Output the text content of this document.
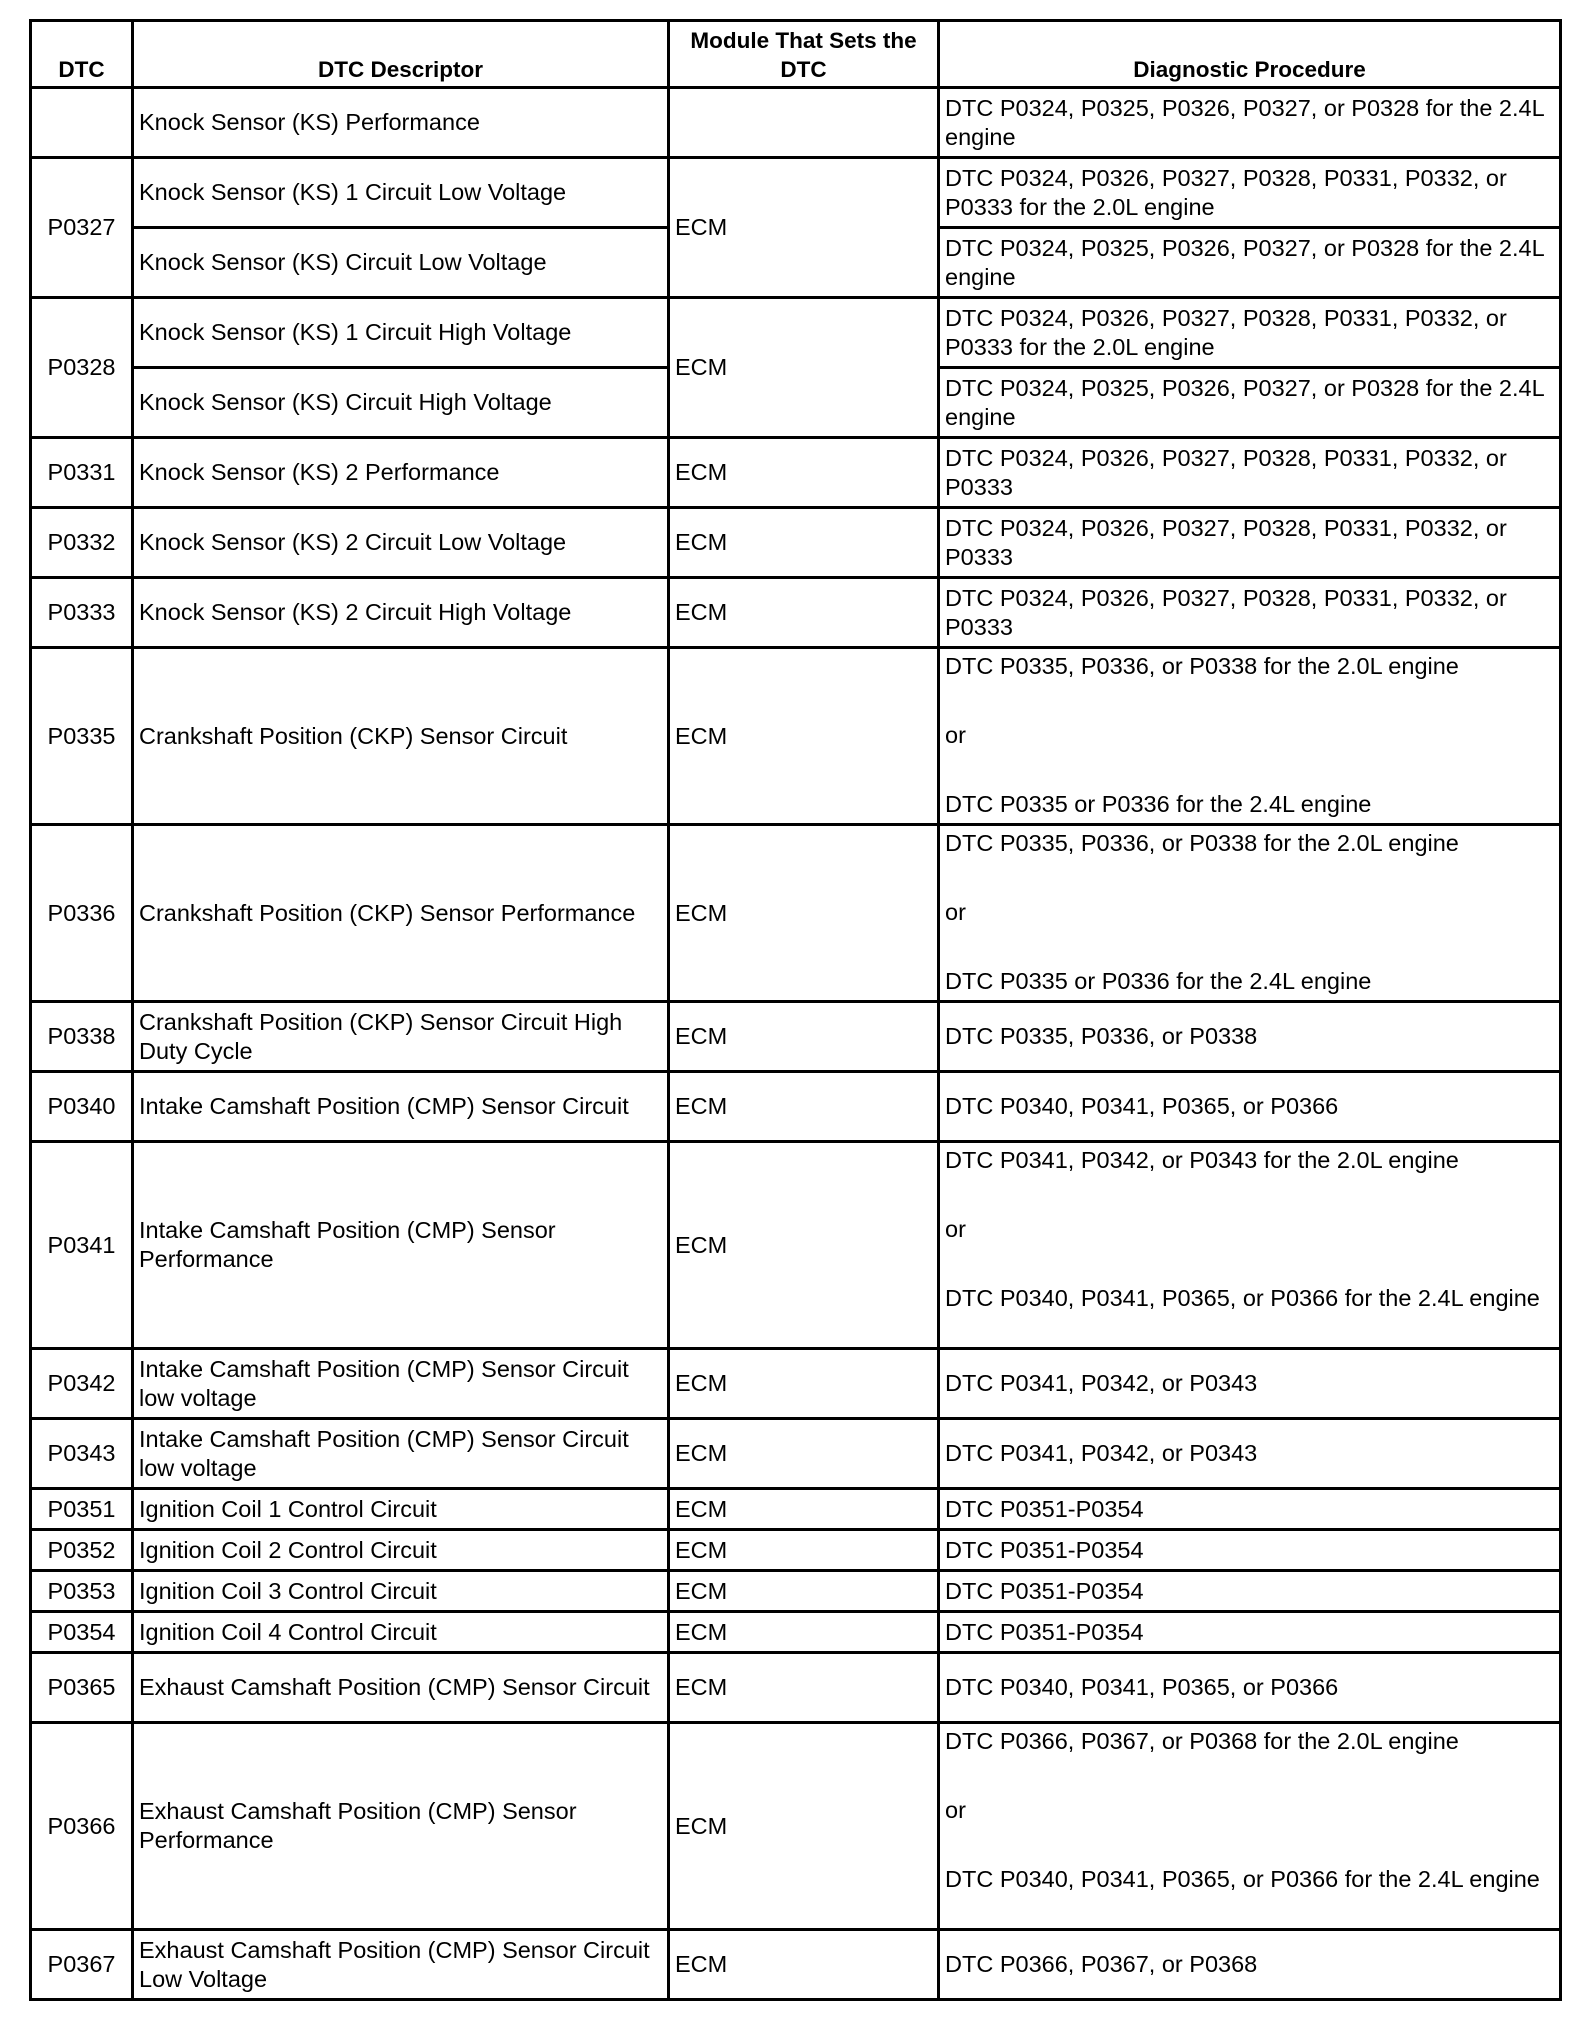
DTC	DTC Descriptor	Module That Sets the DTC	Diagnostic Procedure
	Knock Sensor (KS) Performance		DTC P0324, P0325, P0326, P0327, or P0328 for the 2.4L engine
P0327	Knock Sensor (KS) 1 Circuit Low Voltage	ECM	DTC P0324, P0326, P0327, P0328, P0331, P0332, or P0333 for the 2.0L engine
	Knock Sensor (KS) Circuit Low Voltage		DTC P0324, P0325, P0326, P0327, or P0328 for the 2.4L engine
P0328	Knock Sensor (KS) 1 Circuit High Voltage	ECM	DTC P0324, P0326, P0327, P0328, P0331, P0332, or P0333 for the 2.0L engine
	Knock Sensor (KS) Circuit High Voltage		DTC P0324, P0325, P0326, P0327, or P0328 for the 2.4L engine
P0331	Knock Sensor (KS) 2 Performance	ECM	DTC P0324, P0326, P0327, P0328, P0331, P0332, or P0333
P0332	Knock Sensor (KS) 2 Circuit Low Voltage	ECM	DTC P0324, P0326, P0327, P0328, P0331, P0332, or P0333
P0333	Knock Sensor (KS) 2 Circuit High Voltage	ECM	DTC P0324, P0326, P0327, P0328, P0331, P0332, or P0333
P0335	Crankshaft Position (CKP) Sensor Circuit	ECM	DTC P0335, P0336, or P0338 for the 2.0L engine
or
DTC P0335 or P0336 for the 2.4L engine

P0336	Crankshaft Position (CKP) Sensor Performance	ECM	DTC P0335, P0336, or P0338 for the 2.0L engine
or
DTC P0335 or P0336 for the 2.4L engine

P0338	Crankshaft Position (CKP) Sensor Circuit High Duty Cycle	ECM	DTC P0335, P0336, or P0338
P0340	Intake Camshaft Position (CMP) Sensor Circuit	ECM	DTC P0340, P0341, P0365, or P0366
P0341	Intake Camshaft Position (CMP) Sensor Performance	ECM	DTC P0341, P0342, or P0343 for the 2.0L engine
or
DTC P0340, P0341, P0365, or P0366 for the 2.4L engine

P0342	Intake Camshaft Position (CMP) Sensor Circuit low voltage	ECM	DTC P0341, P0342, or P0343
P0343	Intake Camshaft Position (CMP) Sensor Circuit low voltage	ECM	DTC P0341, P0342, or P0343
P0351	Ignition Coil 1 Control Circuit	ECM	DTC P0351-P0354
P0352	Ignition Coil 2 Control Circuit	ECM	DTC P0351-P0354
P0353	Ignition Coil 3 Control Circuit	ECM	DTC P0351-P0354
P0354	Ignition Coil 4 Control Circuit	ECM	DTC P0351-P0354
P0365	Exhaust Camshaft Position (CMP) Sensor Circuit	ECM	DTC P0340, P0341, P0365, or P0366
P0366	Exhaust Camshaft Position (CMP) Sensor Performance	ECM	DTC P0366, P0367, or P0368 for the 2.0L engine
or
DTC P0340, P0341, P0365, or P0366 for the 2.4L engine

P0367	Exhaust Camshaft Position (CMP) Sensor Circuit Low Voltage	ECM	DTC P0366, P0367, or P0368
